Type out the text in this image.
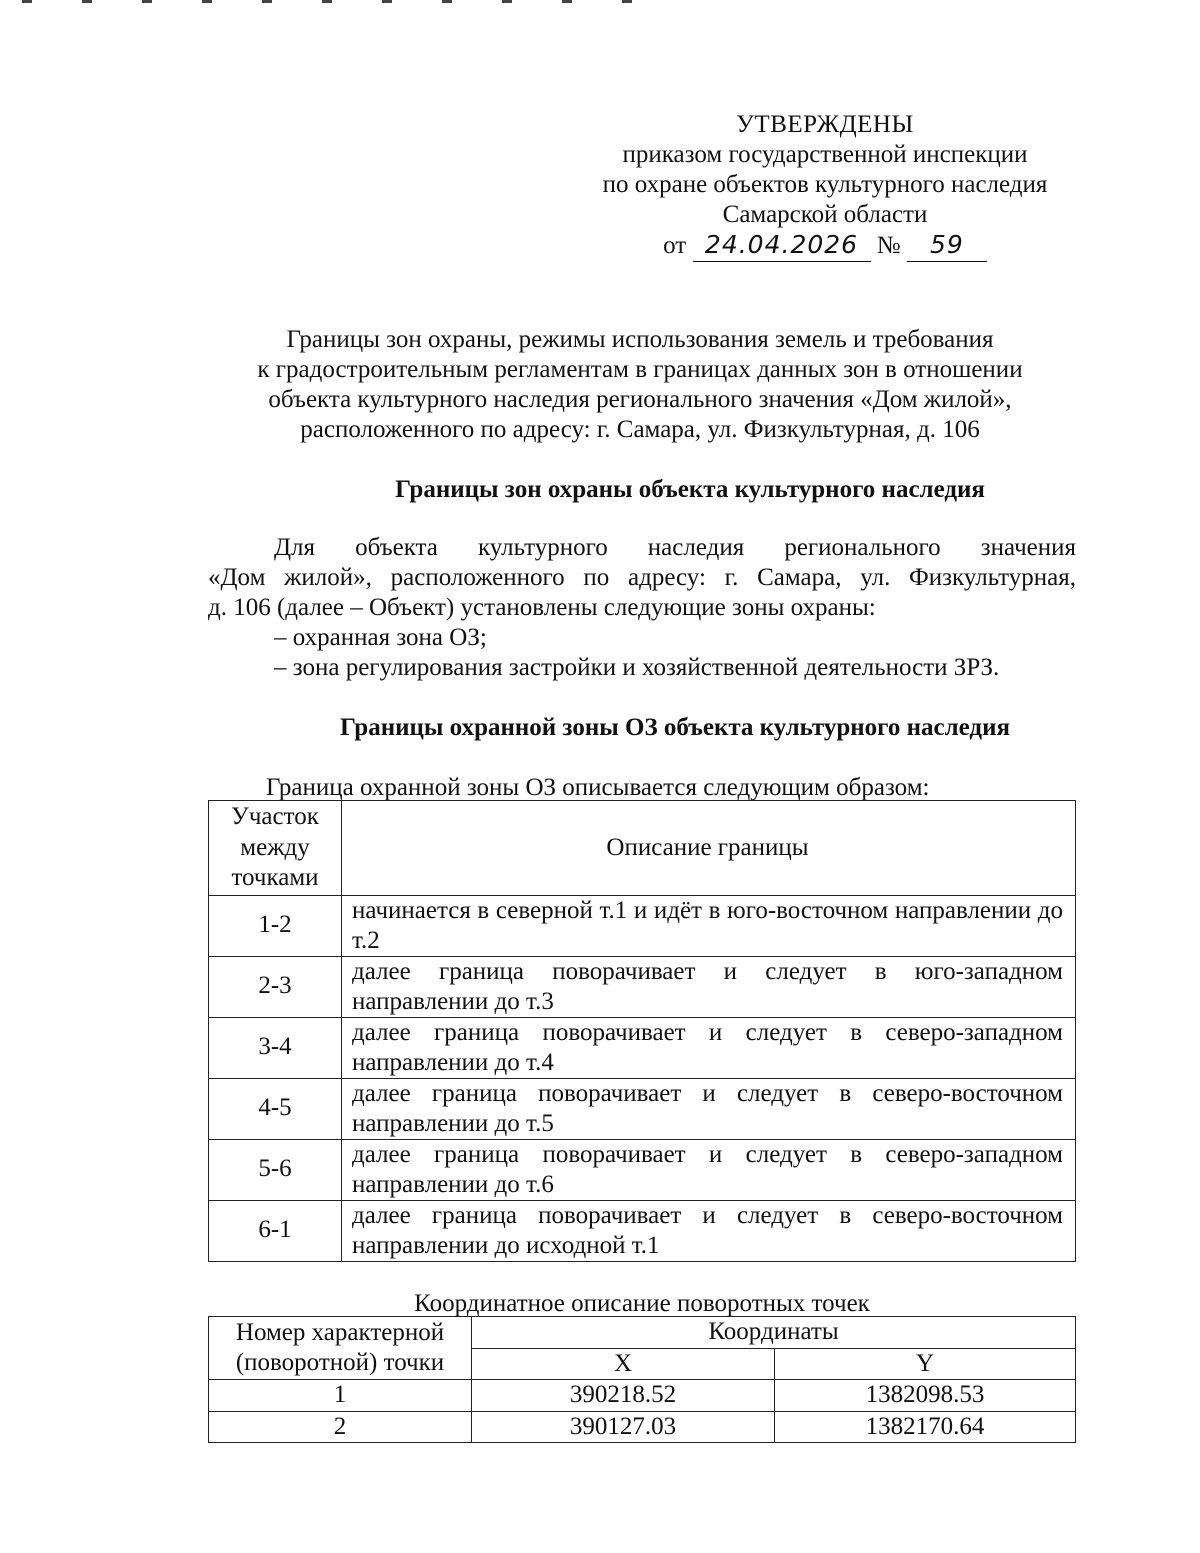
УТВЕРЖДЕНЫ
приказом государственной инспекции
по охране объектов культурного наследия
Самарской области
от 24.04.2026 № 59
Границы зон охраны, режимы использования земель и требования
к градостроительным регламентам в границах данных зон в отношении
объекта культурного наследия регионального значения «Дом жилой»,
расположенного по адресу: г. Самара, ул. Физкультурная, д. 106
Границы зон охраны объекта культурного наследия
Для объекта культурного наследия регионального значения
«Дом жилой», расположенного по адресу: г. Самара, ул. Физкультурная,
д. 106 (далее – Объект) установлены следующие зоны охраны:
– охранная зона ОЗ;
– зона регулирования застройки и хозяйственной деятельности ЗРЗ.
Границы охранной зоны ОЗ объекта культурного наследия
Граница охранной зоны ОЗ описывается следующим образом:
Участок
между
точками	Описание границы
1-2	начинается в северной т.1 и идёт в юго-восточном направлении до т.2
2-3	далее граница поворачивает и следует в юго-западном направлении до т.3
3-4	далее граница поворачивает и следует в северо-западном направлении до т.4
4-5	далее граница поворачивает и следует в северо-восточном направлении до т.5
5-6	далее граница поворачивает и следует в северо-западном направлении до т.6
6-1	далее граница поворачивает и следует в северо-восточном направлении до исходной т.1
Координатное описание поворотных точек
Номер характерной
(поворотной) точки	Координаты	
	X	Y
1	390218.52	1382098.53
2	390127.03	1382170.64
